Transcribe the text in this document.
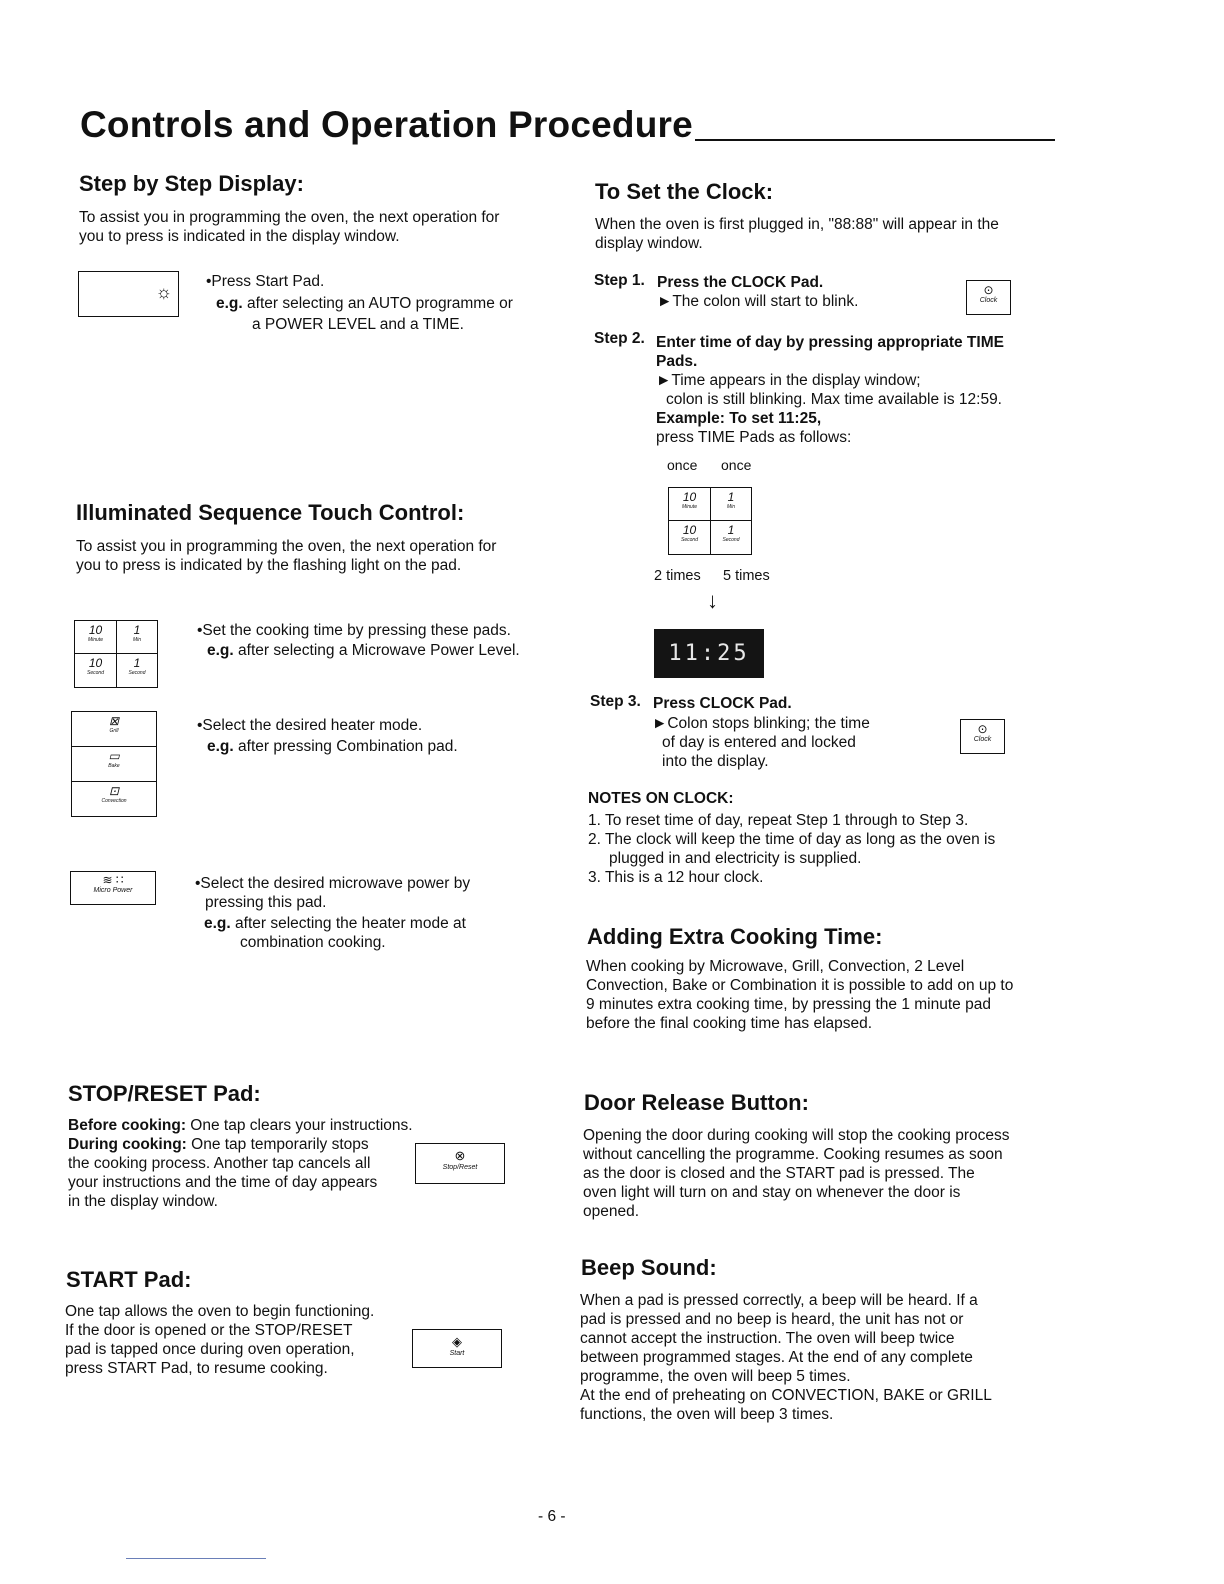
Controls and Operation Procedure
Step by Step Display:

To assist you in programming the oven, the next operation for

you to press is indicated in the display window.

☼
•Press Start Pad.
e.g. after selecting an AUTO programme or
a POWER LEVEL and a TIME.
Illuminated Sequence Touch Control:

To assist you in programming the oven, the next operation for

you to press is indicated by the flashing light on the pad.

10
Minute
1
Min
10
Second
1
Second
•Set the cooking time by pressing these pads.
e.g. after selecting a Microwave Power Level.
⊠
Grill
▭
Bake
⊡
Convection
•Select the desired heater mode.
e.g. after pressing Combination pad.
≋ ∷
Micro Power	•Select the desired microwave power by

pressing this pad.

e.g. after selecting the heater mode at
combination cooking.
STOP/RESET Pad:

Before cooking: One tap clears your instructions.

During cooking: One tap temporarily stops

the cooking process. Another tap cancels all

your instructions and the time of day appears

in the display window.

⊗
Stop/Reset
START Pad:

One tap allows the oven to begin functioning.

If the door is opened or the STOP/RESET

pad is tapped once during oven operation,

press START Pad, to resume cooking.

◈
Start
To Set the Clock:

When the oven is first plugged in, "88:88" will appear in the

display window.

Step 1. Press the CLOCK Pad.
►The colon will start to blink.
⊙
Clock
Step 2. Enter time of day by pressing appropriate TIME

Pads.

►Time appears in the display window;

colon is still blinking. Max time available is 12:59.

Example: To set 11:25,

press TIME Pads as follows:

once once
10
Minute
1
Min
10
Second
1
Second
2 times 5 times
↓
11:25
Step 3. Press CLOCK Pad.

►Colon stops blinking; the time

of day is entered and locked

into the display.

⊙
Clock
NOTES ON CLOCK:

1. To reset time of day, repeat Step 1 through to Step 3.

2. The clock will keep the time of day as long as the oven is

plugged in and electricity is supplied.

3. This is a 12 hour clock.

Adding Extra Cooking Time:

When cooking by Microwave, Grill, Convection, 2 Level

Convection, Bake or Combination it is possible to add on up to

9 minutes extra cooking time, by pressing the 1 minute pad

before the final cooking time has elapsed.

Door Release Button:

Opening the door during cooking will stop the cooking process

without cancelling the programme. Cooking resumes as soon

as the door is closed and the START pad is pressed. The

oven light will turn on and stay on whenever the door is

opened.

Beep Sound:

When a pad is pressed correctly, a beep will be heard. If a

pad is pressed and no beep is heard, the unit has not or

cannot accept the instruction. The oven will beep twice

between programmed stages. At the end of any complete

programme, the oven will beep 5 times.

At the end of preheating on CONVECTION, BAKE or GRILL

functions, the oven will beep 3 times.

- 6 -
